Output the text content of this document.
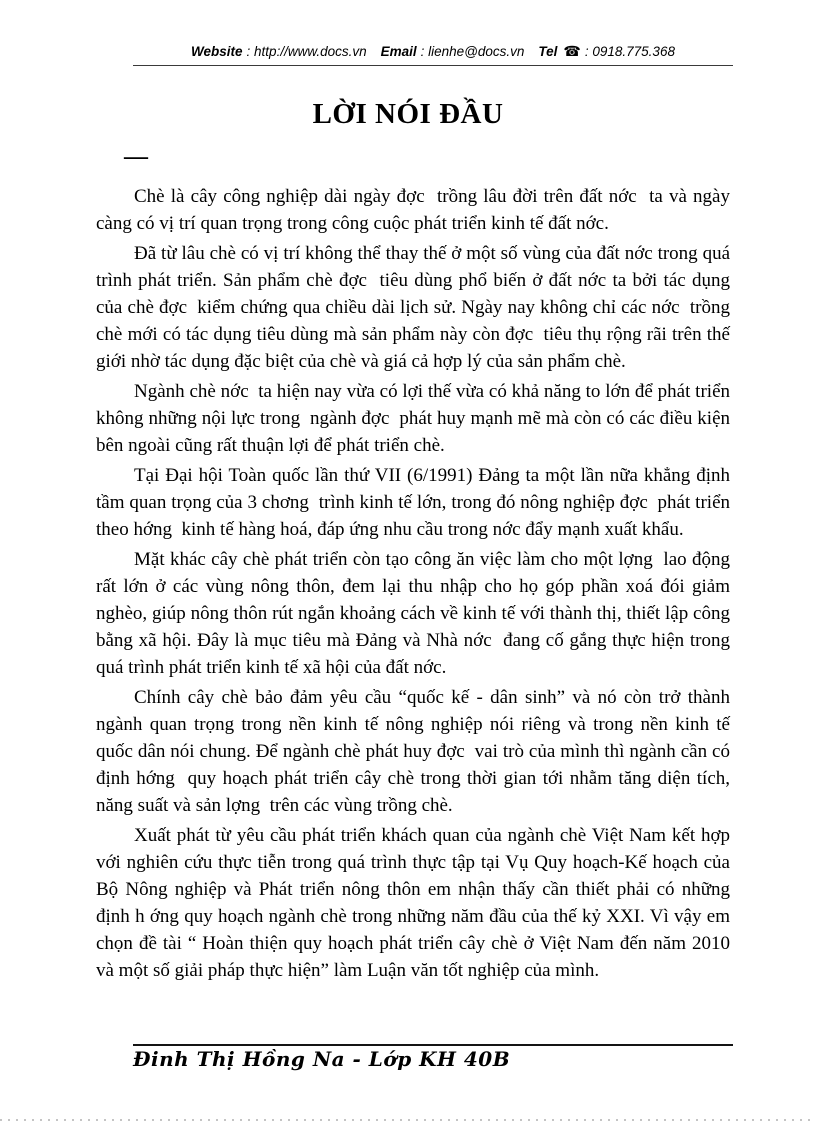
Website : http://www.docs.vn Email : lienhe@docs.vn Tel ☎ : 0918.775.368
LỜI NÓI ĐẦU
—

Chè là cây công nghiệp dài ngày đợc  trồng lâu đời trên đất nớc  ta và ngày càng có vị trí quan trọng trong công cuộc phát triển kinh tế đất nớc.

Đã từ lâu chè có vị trí không thể thay thế ở một số vùng của đất nớc trong quá trình phát triển. Sản phẩm chè đợc  tiêu dùng phổ biến ở đất nớc ta bởi tác dụng của chè đợc  kiểm chứng qua chiều dài lịch sử. Ngày nay không chỉ các nớc  trồng chè mới có tác dụng tiêu dùng mà sản phẩm này còn đợc  tiêu thụ rộng rãi trên thế giới nhờ tác dụng đặc biệt của chè và giá cả hợp lý của sản phẩm chè.

Ngành chè nớc  ta hiện nay vừa có lợi thế vừa có khả năng to lớn để phát triển không những nội lực trong  ngành đợc  phát huy mạnh mẽ mà còn có các điều kiện bên ngoài cũng rất thuận lợi để phát triển chè.

Tại Đại hội Toàn quốc lần thứ VII (6/1991) Đảng ta một lần nữa khẳng định tầm quan trọng của 3 chơng  trình kinh tế lớn, trong đó nông nghiệp đợc  phát triển theo hớng  kinh tế hàng hoá, đáp ứng nhu cầu trong nớc đẩy mạnh xuất khẩu.

Mặt khác cây chè phát triển còn tạo công ăn việc làm cho một lợng  lao động rất lớn ở các vùng nông thôn, đem lại thu nhập cho họ góp phần xoá đói giảm nghèo, giúp nông thôn rút ngắn khoảng cách về kinh tế với thành thị, thiết lập công bằng xã hội. Đây là mục tiêu mà Đảng và Nhà nớc  đang cố gắng thực hiện trong quá trình phát triển kinh tế xã hội của đất nớc.

Chính cây chè bảo đảm yêu cầu “quốc kế - dân sinh” và nó còn trở thành ngành quan trọng trong nền kinh tế nông nghiệp nói riêng và trong nền kinh tế quốc dân nói chung. Để ngành chè phát huy đợc  vai trò của mình thì ngành cần có định hớng  quy hoạch phát triển cây chè trong thời gian tới nhằm tăng diện tích, năng suất và sản lợng  trên các vùng trồng chè.

Xuất phát từ yêu cầu phát triển khách quan của ngành chè Việt Nam kết hợp với nghiên cứu thực tiễn trong quá trình thực tập tại Vụ Quy hoạch-Kế hoạch của Bộ Nông nghiệp và Phát triển nông thôn em nhận thấy cần thiết phải có những định h ớng quy hoạch ngành chè trong những năm đầu của thế kỷ XXI. Vì vậy em chọn đề tài “ Hoàn thiện quy hoạch phát triển cây chè ở Việt Nam đến năm 2010 và một số giải pháp thực hiện” làm Luận văn tốt nghiệp của mình.

Đinh Thị Hồng Na - Lớp KH 40B
